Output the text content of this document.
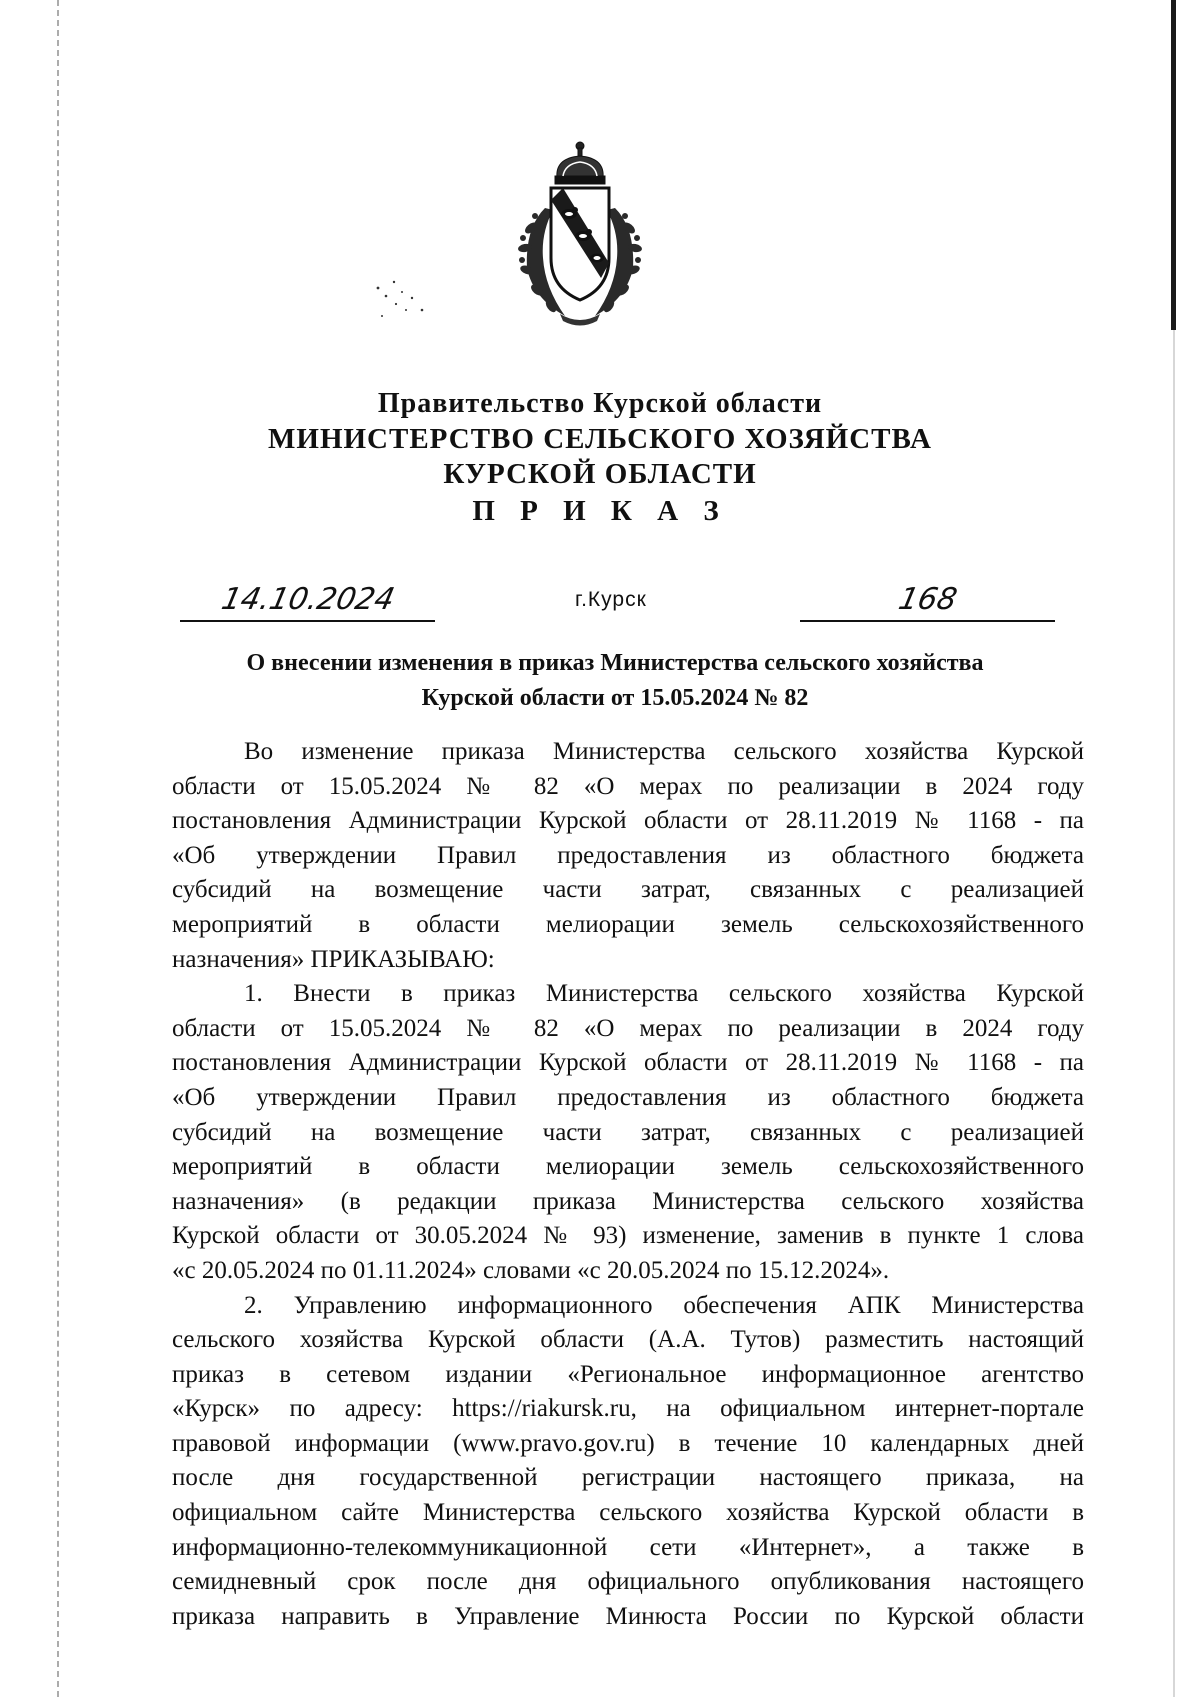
Правительство Курской области
МИНИСТЕРСТВО СЕЛЬСКОГО ХОЗЯЙСТВА
КУРСКОЙ ОБЛАСТИ
П Р И К А З
14.10.2024	г.Курск	168
О внесении изменения в приказ Министерства сельского хозяйства
Курской области от 15.05.2024 № 82
Во изменение приказа Министерства сельского хозяйства Курской
области от 15.05.2024 № 82 «О мерах по реализации в 2024 году
постановления Администрации Курской области от 28.11.2019 № 1168 - па
«Об утверждении Правил предоставления из областного бюджета
субсидий на возмещение части затрат, связанных с реализацией
мероприятий в области мелиорации земель сельскохозяйственного
назначения» ПРИКАЗЫВАЮ:
1. Внести в приказ Министерства сельского хозяйства Курской
области от 15.05.2024 № 82 «О мерах по реализации в 2024 году
постановления Администрации Курской области от 28.11.2019 № 1168 - па
«Об утверждении Правил предоставления из областного бюджета
субсидий на возмещение части затрат, связанных с реализацией
мероприятий в области мелиорации земель сельскохозяйственного
назначения» (в редакции приказа Министерства сельского хозяйства
Курской области от 30.05.2024 № 93) изменение, заменив в пункте 1 слова
«с 20.05.2024 по 01.11.2024» словами «с 20.05.2024 по 15.12.2024».
2. Управлению информационного обеспечения АПК Министерства
сельского хозяйства Курской области (А.А. Тутов) разместить настоящий
приказ в сетевом издании «Региональное информационное агентство
«Курск» по адресу: https://riakursk.ru, на официальном интернет-портале
правовой информации (www.pravo.gov.ru) в течение 10 календарных дней
после дня государственной регистрации настоящего приказа, на
официальном сайте Министерства сельского хозяйства Курской области в
информационно-телекоммуникационной сети «Интернет», а также в
семидневный срок после дня официального опубликования настоящего
приказа направить в Управление Минюста России по Курской области
